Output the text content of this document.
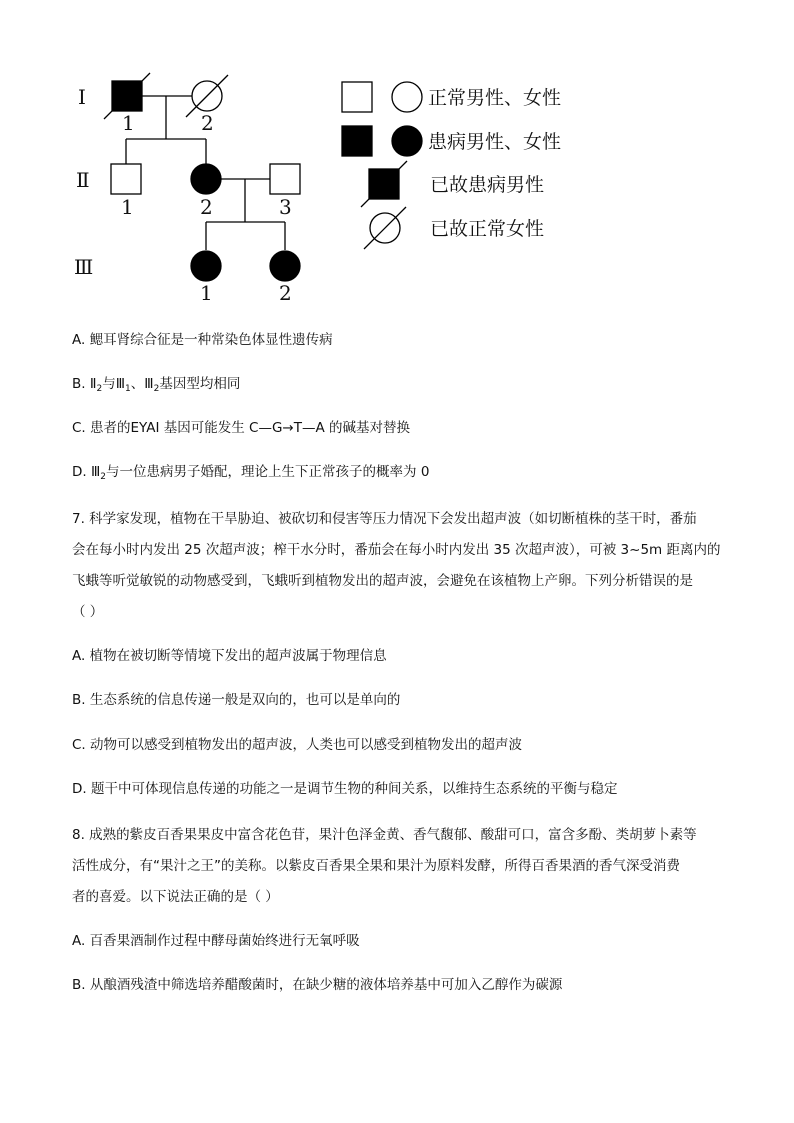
Ⅰ
Ⅱ
Ⅲ
1	2
1	2	3
1	2
正常男性、女性
患病男性、女性
已故患病男性
已故正常女性
A. 鳃耳肾综合征是一种常染色体显性遗传病
B. $Ⅱ_2$与$Ⅲ_1$、$Ⅲ_2$基因型均相同
C. 患者的EYAI 基因可能发生 C—G→T—A 的碱基对替换
D. $Ⅲ_2$与一位患病男子婚配，理论上生下正常孩子的概率为 0
7. 科学家发现，植物在干旱胁迫、被砍切和侵害等压力情况下会发出超声波（如切断植株的茎干时，番茄
会在每小时内发出 25 次超声波；榨干水分时，番茄会在每小时内发出 35 次超声波），可被 3~5m 距离内的
飞蛾等听觉敏锐的动物感受到，飞蛾听到植物发出的超声波，会避免在该植物上产卵。下列分析错误的是
（ ）
A. 植物在被切断等情境下发出的超声波属于物理信息
B. 生态系统的信息传递一般是双向的，也可以是单向的
C. 动物可以感受到植物发出的超声波，人类也可以感受到植物发出的超声波
D. 题干中可体现信息传递的功能之一是调节生物的种间关系，以维持生态系统的平衡与稳定
8. 成熟的紫皮百香果果皮中富含花色苷，果汁色泽金黄、香气馥郁、酸甜可口，富含多酚、类胡萝卜素等
活性成分，有“果汁之王”的美称。以紫皮百香果全果和果汁为原料发酵，所得百香果酒的香气深受消费
者的喜爱。以下说法正确的是（ ）
A. 百香果酒制作过程中酵母菌始终进行无氧呼吸
B. 从酿酒残渣中筛选培养醋酸菌时，在缺少糖的液体培养基中可加入乙醇作为碳源
